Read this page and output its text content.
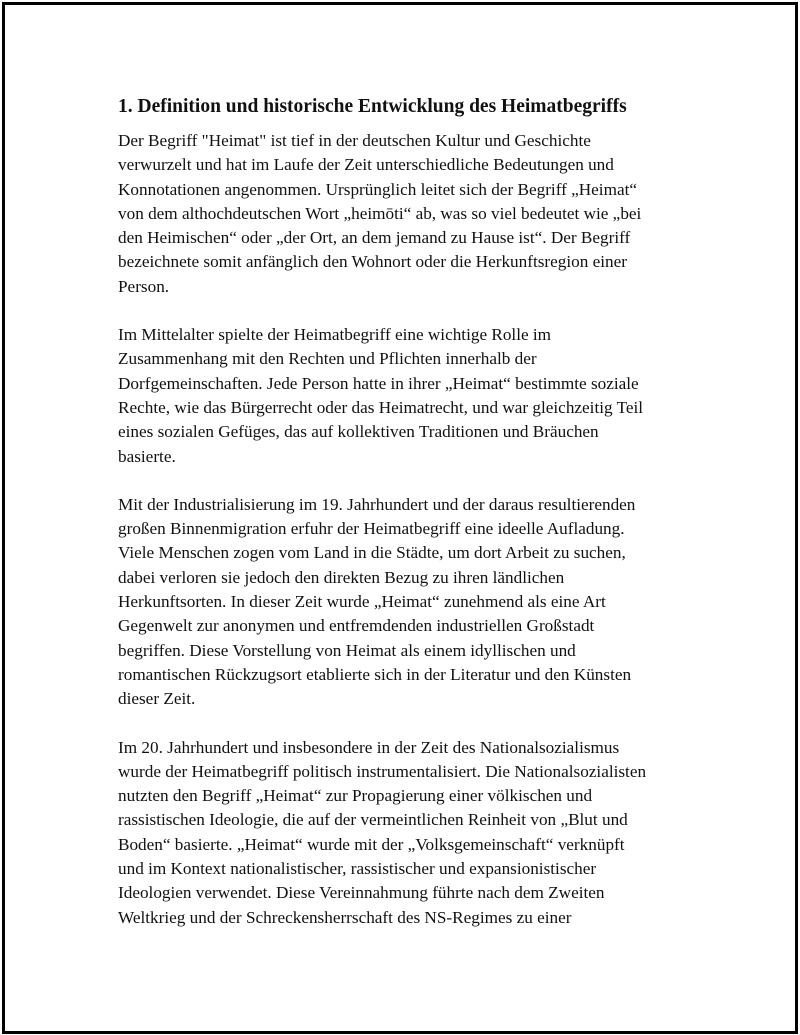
1. Definition und historische Entwicklung des Heimatbegriffs

Der Begriff "Heimat" ist tief in der deutschen Kultur und Geschichte
verwurzelt und hat im Laufe der Zeit unterschiedliche Bedeutungen und
Konnotationen angenommen. Ursprünglich leitet sich der Begriff „Heimat“
von dem althochdeutschen Wort „heimōti“ ab, was so viel bedeutet wie „bei
den Heimischen“ oder „der Ort, an dem jemand zu Hause ist“. Der Begriff
bezeichnete somit anfänglich den Wohnort oder die Herkunftsregion einer
Person.

Im Mittelalter spielte der Heimatbegriff eine wichtige Rolle im
Zusammenhang mit den Rechten und Pflichten innerhalb der
Dorfgemeinschaften. Jede Person hatte in ihrer „Heimat“ bestimmte soziale
Rechte, wie das Bürgerrecht oder das Heimatrecht, und war gleichzeitig Teil
eines sozialen Gefüges, das auf kollektiven Traditionen und Bräuchen
basierte.

Mit der Industrialisierung im 19. Jahrhundert und der daraus resultierenden
großen Binnenmigration erfuhr der Heimatbegriff eine ideelle Aufladung.
Viele Menschen zogen vom Land in die Städte, um dort Arbeit zu suchen,
dabei verloren sie jedoch den direkten Bezug zu ihren ländlichen
Herkunftsorten. In dieser Zeit wurde „Heimat“ zunehmend als eine Art
Gegenwelt zur anonymen und entfremdenden industriellen Großstadt
begriffen. Diese Vorstellung von Heimat als einem idyllischen und
romantischen Rückzugsort etablierte sich in der Literatur und den Künsten
dieser Zeit.

Im 20. Jahrhundert und insbesondere in der Zeit des Nationalsozialismus
wurde der Heimatbegriff politisch instrumentalisiert. Die Nationalsozialisten
nutzten den Begriff „Heimat“ zur Propagierung einer völkischen und
rassistischen Ideologie, die auf der vermeintlichen Reinheit von „Blut und
Boden“ basierte. „Heimat“ wurde mit der „Volksgemeinschaft“ verknüpft
und im Kontext nationalistischer, rassistischer und expansionistischer
Ideologien verwendet. Diese Vereinnahmung führte nach dem Zweiten
Weltkrieg und der Schreckensherrschaft des NS-Regimes zu einer
